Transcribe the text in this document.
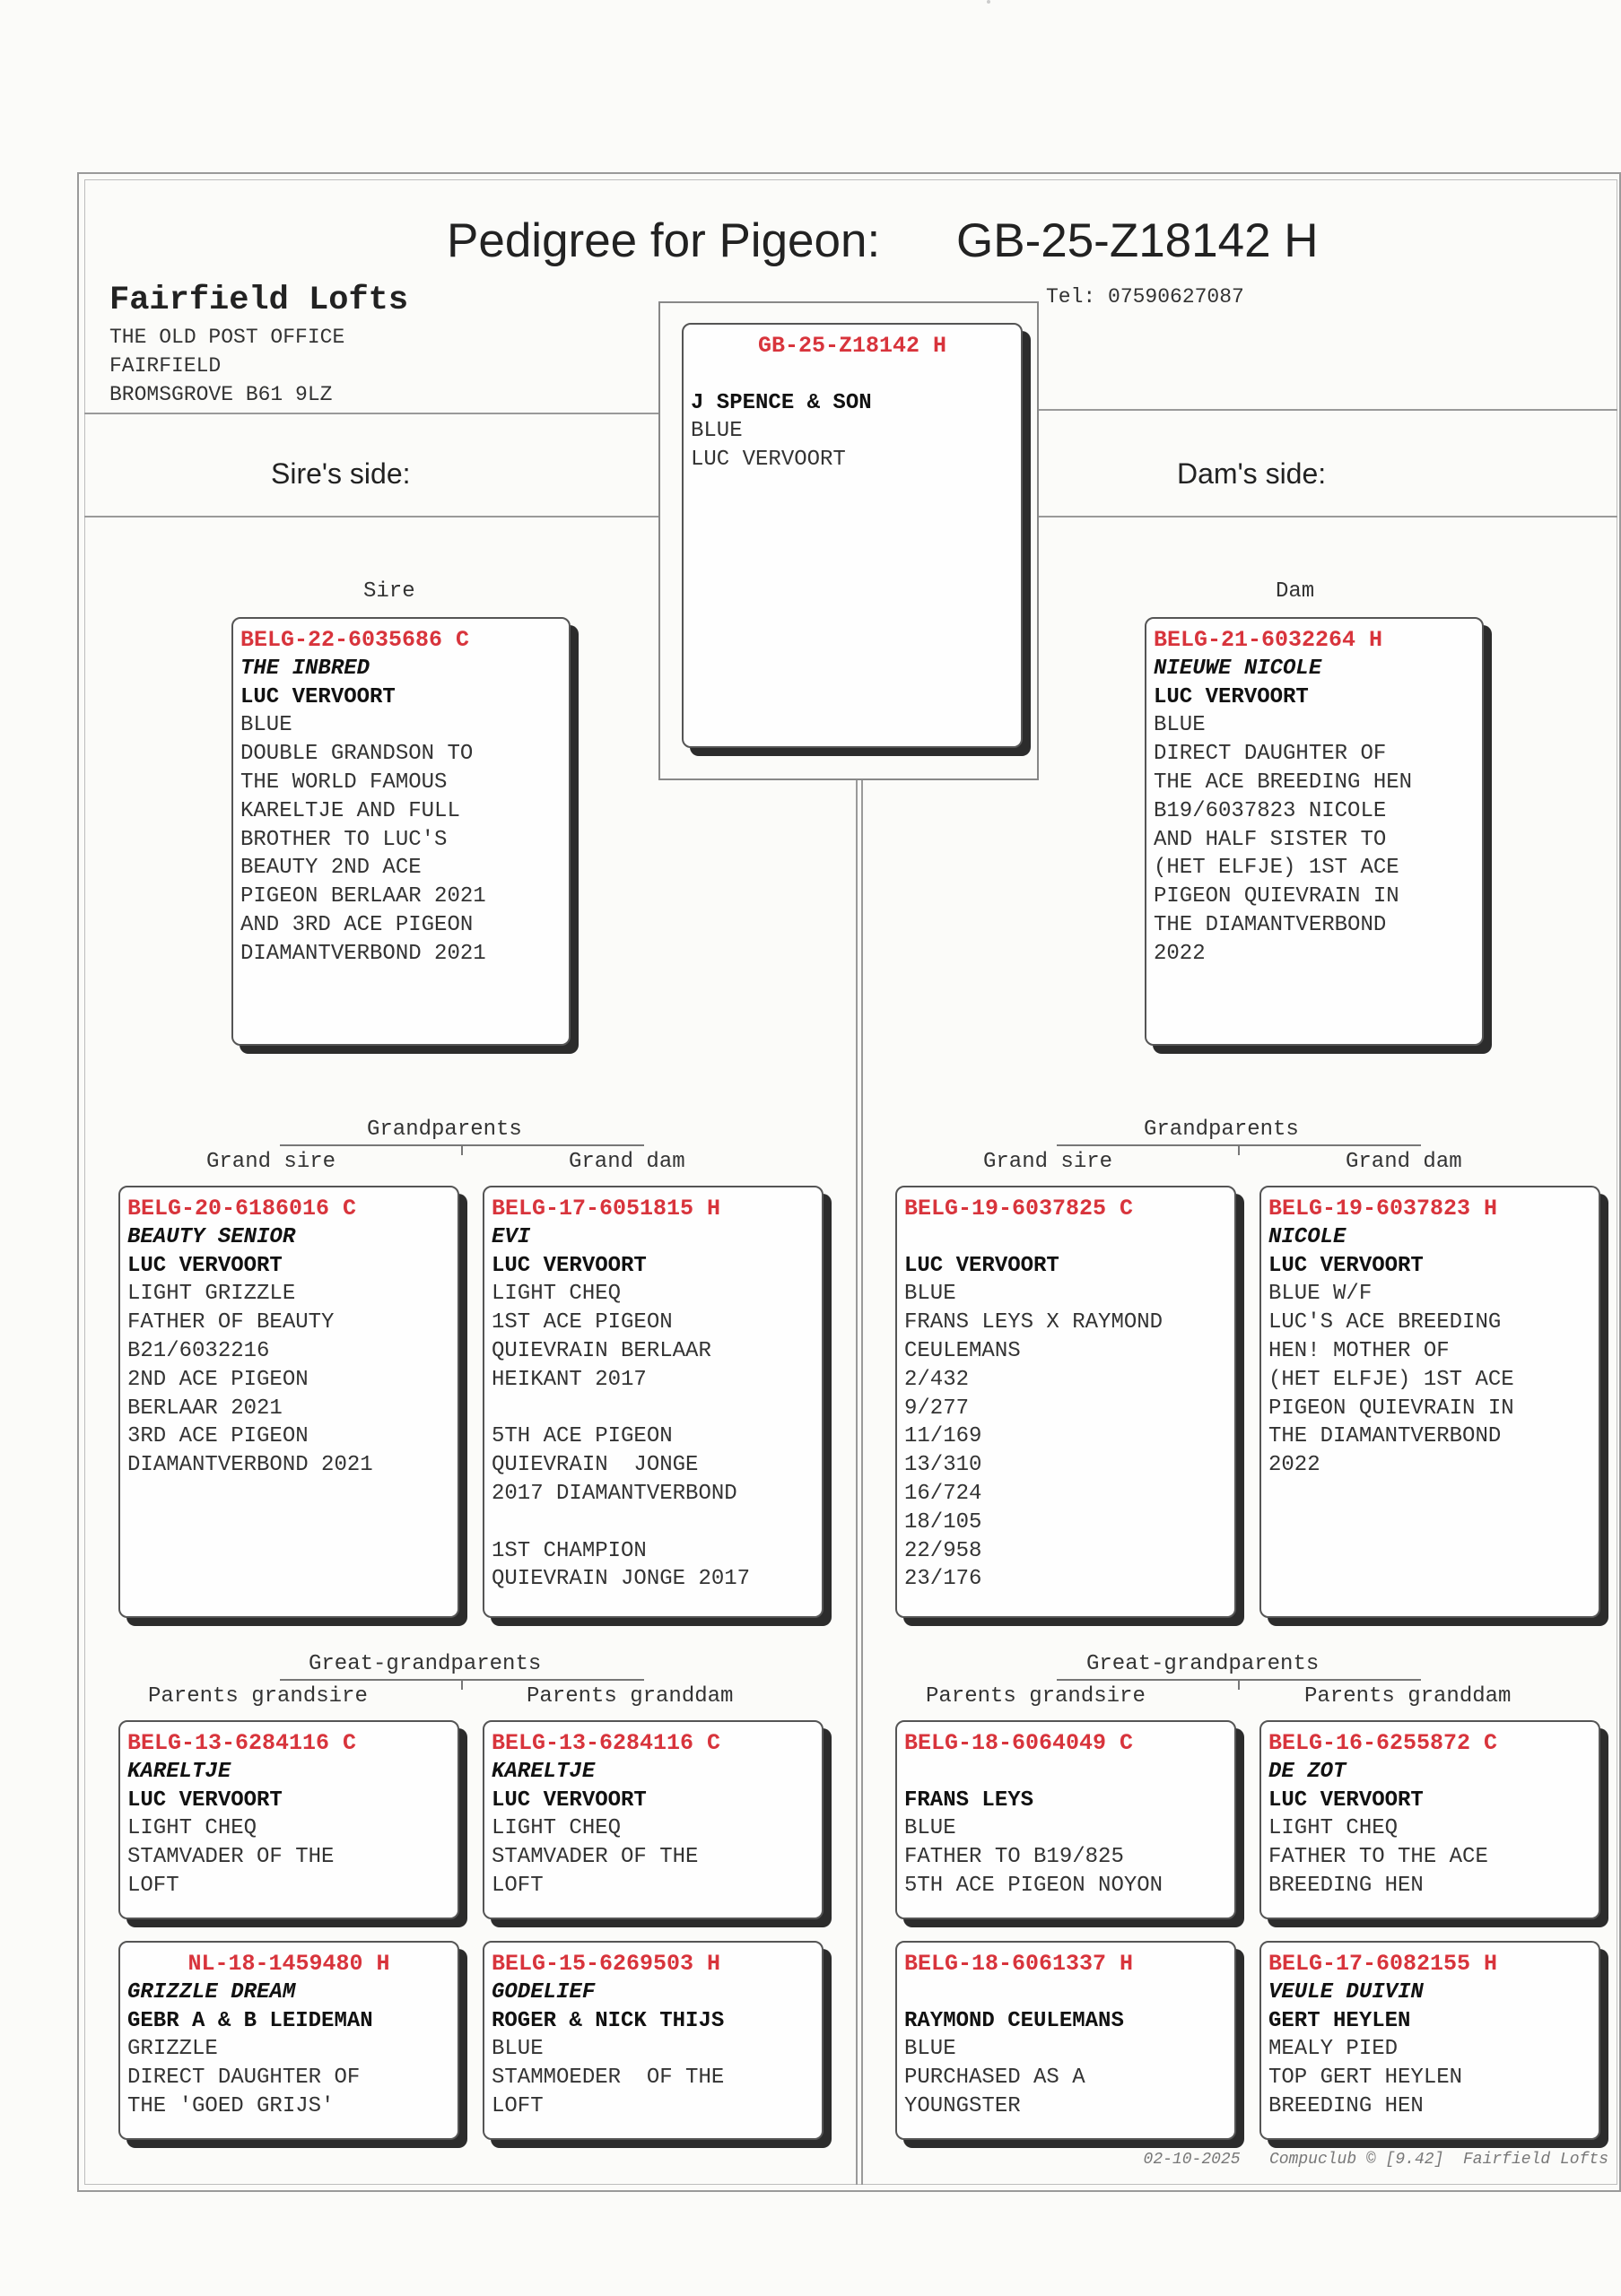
Pedigree for Pigeon: GB-25-Z18142 H
Fairfield Lofts
THE OLD POST OFFICE
FAIRFIELD
BROMSGROVE B61 9LZ
Tel: 07590627087
Sire's side:	Dam's side:
GB-25-Z18142 H

J SPENCE & SON
BLUE
LUC VERVOORT
Sire	Dam
Grandparents
Grand sire	Grand dam
Grandparents
Grand sire	Grand dam
Great-grandparents
Parents grandsire	Parents granddam
Great-grandparents
Parents grandsire	Parents granddam
BELG-22-6035686 C
THE INBRED
LUC VERVOORT
BLUE
DOUBLE GRANDSON TO
THE WORLD FAMOUS
KARELTJE AND FULL
BROTHER TO LUC'S
BEAUTY 2ND ACE
PIGEON BERLAAR 2021
AND 3RD ACE PIGEON
DIAMANTVERBOND 2021
BELG-21-6032264 H
NIEUWE NICOLE
LUC VERVOORT
BLUE
DIRECT DAUGHTER OF
THE ACE BREEDING HEN
B19/6037823 NICOLE
AND HALF SISTER TO
(HET ELFJE) 1ST ACE
PIGEON QUIEVRAIN IN
THE DIAMANTVERBOND
2022
BELG-20-6186016 C
BEAUTY SENIOR
LUC VERVOORT
LIGHT GRIZZLE
FATHER OF BEAUTY
B21/6032216
2ND ACE PIGEON
BERLAAR 2021
3RD ACE PIGEON
DIAMANTVERBOND 2021
BELG-17-6051815 H
EVI
LUC VERVOORT
LIGHT CHEQ
1ST ACE PIGEON
QUIEVRAIN BERLAAR
HEIKANT 2017

5TH ACE PIGEON
QUIEVRAIN  JONGE
2017 DIAMANTVERBOND

1ST CHAMPION
QUIEVRAIN JONGE 2017
BELG-19-6037825 C

LUC VERVOORT
BLUE
FRANS LEYS X RAYMOND
CEULEMANS
2/432
9/277
11/169
13/310
16/724
18/105
22/958
23/176
BELG-19-6037823 H
NICOLE
LUC VERVOORT
BLUE W/F
LUC'S ACE BREEDING
HEN! MOTHER OF
(HET ELFJE) 1ST ACE
PIGEON QUIEVRAIN IN
THE DIAMANTVERBOND
2022
BELG-13-6284116 C
KARELTJE
LUC VERVOORT
LIGHT CHEQ
STAMVADER OF THE
LOFT
BELG-13-6284116 C
KARELTJE
LUC VERVOORT
LIGHT CHEQ
STAMVADER OF THE
LOFT
BELG-18-6064049 C

FRANS LEYS
BLUE
FATHER TO B19/825
5TH ACE PIGEON NOYON
BELG-16-6255872 C
DE ZOT
LUC VERVOORT
LIGHT CHEQ
FATHER TO THE ACE
BREEDING HEN
NL-18-1459480 H
GRIZZLE DREAM
GEBR A & B LEIDEMAN
GRIZZLE
DIRECT DAUGHTER OF
THE 'GOED GRIJS'
BELG-15-6269503 H
GODELIEF
ROGER & NICK THIJS
BLUE
STAMMOEDER  OF THE
LOFT
BELG-18-6061337 H

RAYMOND CEULEMANS
BLUE
PURCHASED AS A
YOUNGSTER
BELG-17-6082155 H
VEULE DUIVIN
GERT HEYLEN
MEALY PIED
TOP GERT HEYLEN
BREEDING HEN
02-10-2025   Compuclub © [9.42]  Fairfield Lofts
